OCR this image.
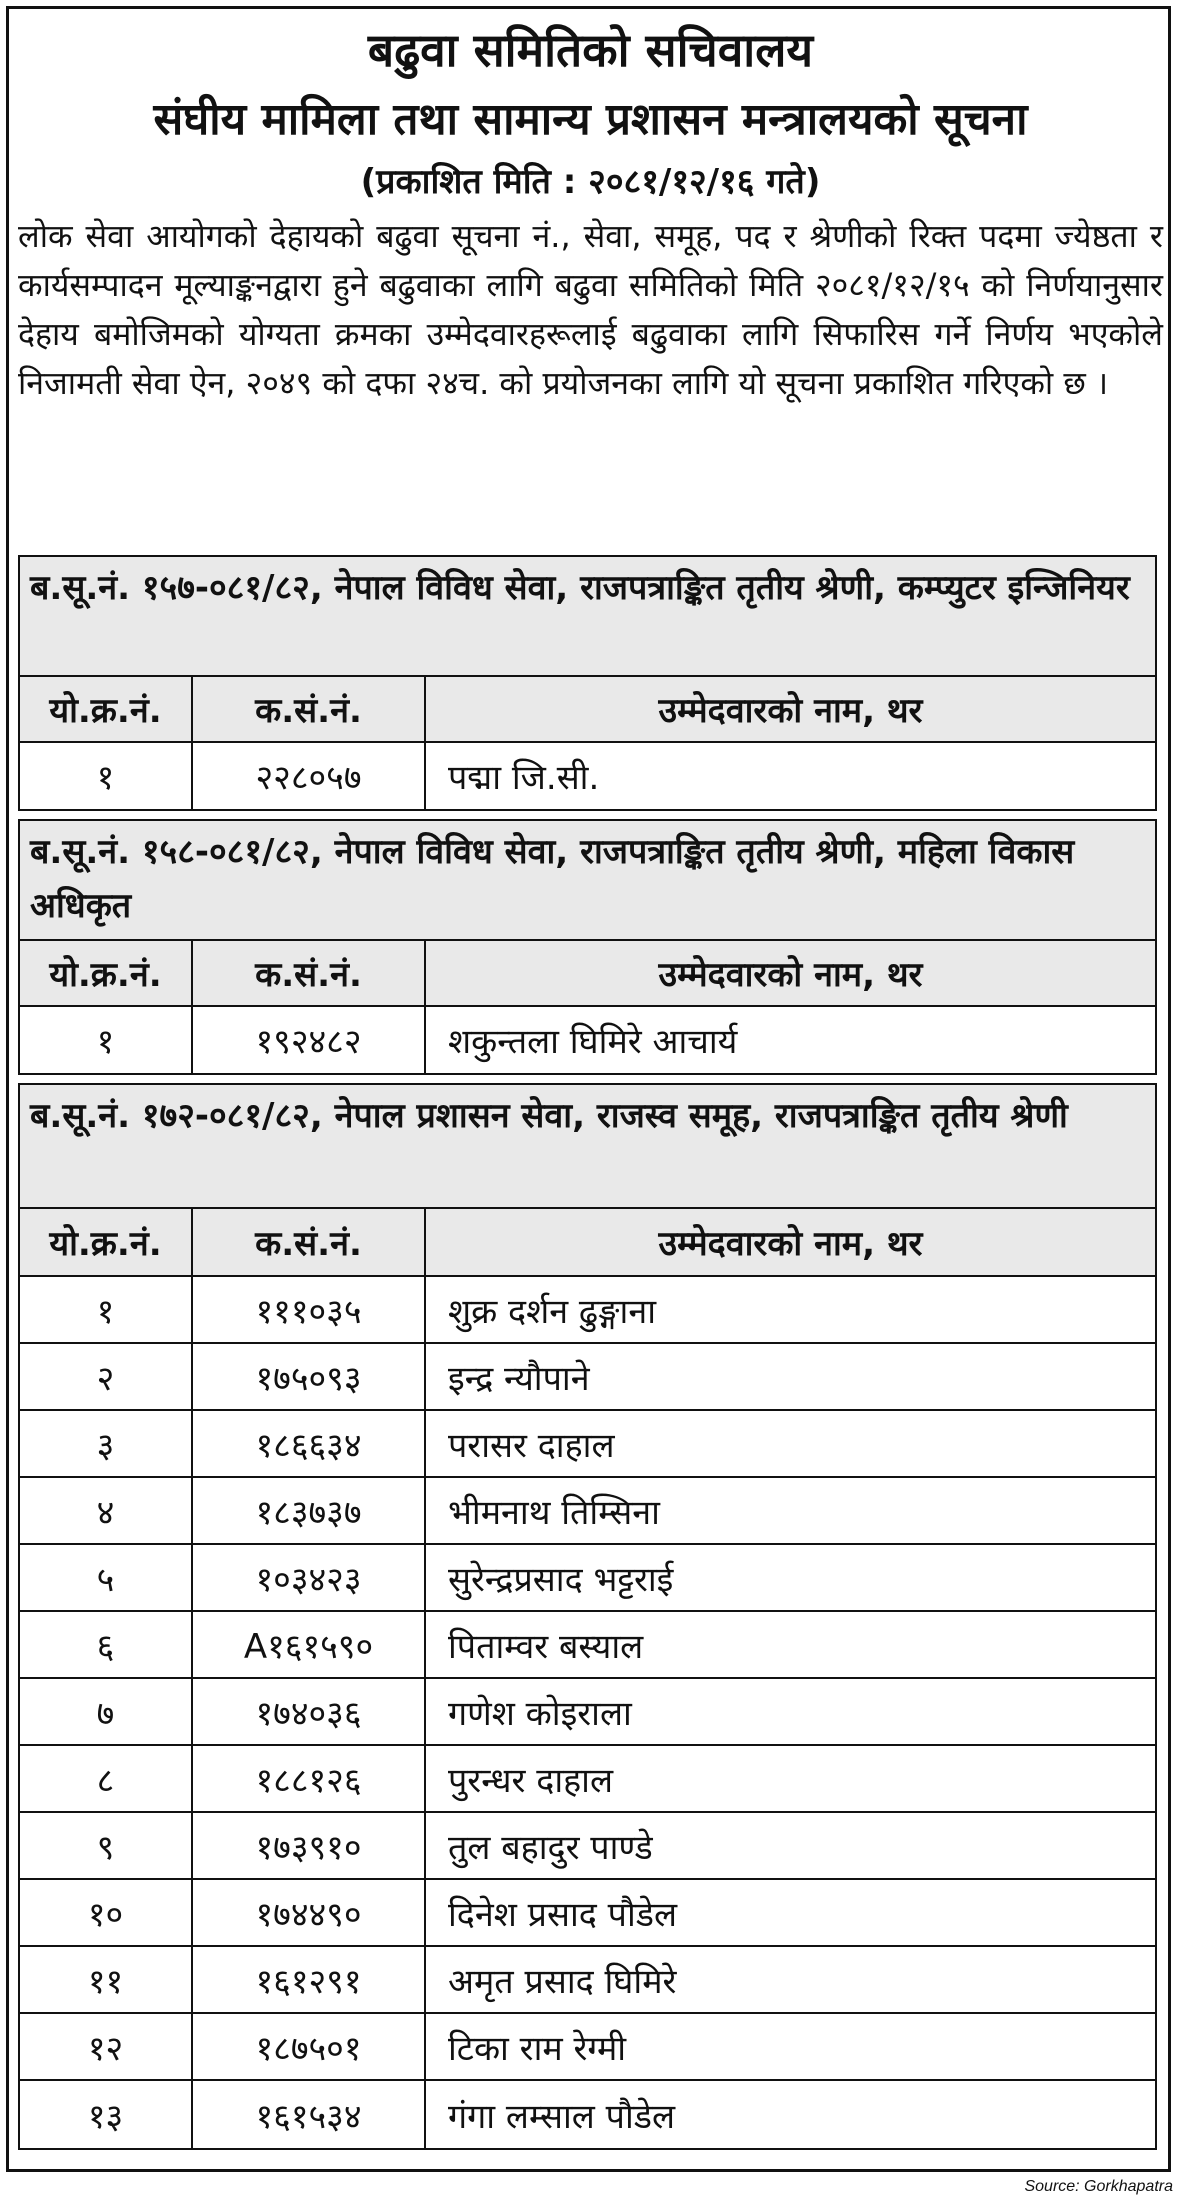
बढुवा समितिको सचिवालय
संघीय मामिला तथा सामान्य प्रशासन मन्त्रालयको सूचना
(प्रकाशित मिति : २०८१/१२/१६ गते)
लोक सेवा आयोगको देहायको बढुवा सूचना नं., सेवा, समूह, पद र श्रेणीको रिक्त पदमा ज्येष्ठता र कार्यसम्पादन मूल्याङ्कनद्वारा हुने बढुवाका लागि बढुवा समितिको मिति २०८१/१२/१५ को निर्णयानुसार देहाय बमोजिमको योग्यता क्रमका उम्मेदवारहरूलाई बढुवाका लागि सिफारिस गर्ने निर्णय भएकोले निजामती सेवा ऐन, २०४९ को दफा २४च. को प्रयोजनका लागि यो सूचना प्रकाशित गरिएको छ ।
ब.सू.नं. १५७-०८१/८२, नेपाल विविध सेवा, राजपत्राङ्कित तृतीय श्रेणी, कम्प्युटर इन्जिनियर
यो.क्र.नं.	क.सं.नं.	उम्मेदवारको नाम, थर
१	२२८०५७	पद्मा जि.सी.
ब.सू.नं. १५८-०८१/८२, नेपाल विविध सेवा, राजपत्राङ्कित तृतीय श्रेणी, महिला विकास अधिकृत
यो.क्र.नं.	क.सं.नं.	उम्मेदवारको नाम, थर
१	१९२४८२	शकुन्तला घिमिरे आचार्य
ब.सू.नं. १७२-०८१/८२, नेपाल प्रशासन सेवा, राजस्व समूह, राजपत्राङ्कित तृतीय श्रेणी
यो.क्र.नं.	क.सं.नं.	उम्मेदवारको नाम, थर
१	१११०३५	शुक्र दर्शन ढुङ्गाना
२	१७५०९३	इन्द्र न्यौपाने
३	१८६६३४	परासर दाहाल
४	१८३७३७	भीमनाथ तिम्सिना
५	१०३४२३	सुरेन्द्रप्रसाद भट्टराई
६	A१६१५९०	पिताम्वर बस्याल
७	१७४०३६	गणेश कोइराला
८	१८८१२६	पुरन्धर दाहाल
९	१७३९१०	तुल बहादुर पाण्डे
१०	१७४४९०	दिनेश प्रसाद पौडेल
११	१६१२९१	अमृत प्रसाद घिमिरे
१२	१८७५०१	टिका राम रेग्मी
१३	१६१५३४	गंगा लम्साल पौडेल
Source: Gorkhapatra
